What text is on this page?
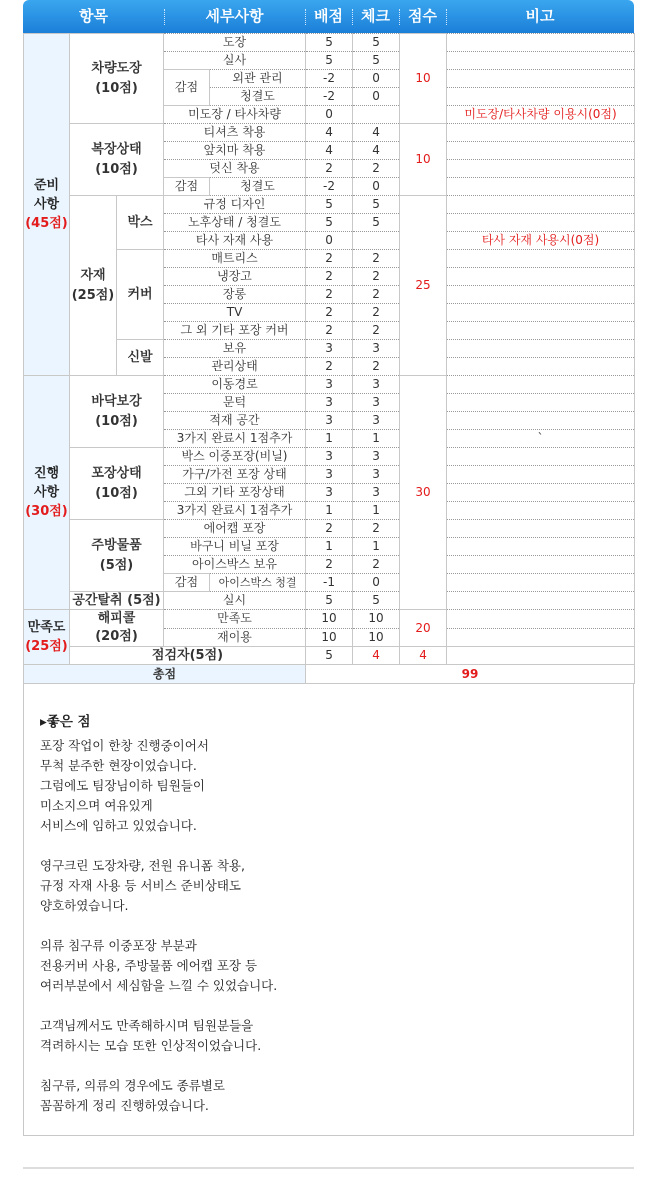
항목	세부사항	배점	체크	점수	비고
준비
사항
(45점)	차량도장
(10점)		도장		5	5	10	
			실사		5	5		
			감점	외관 관리	-2	0		
				청결도	-2	0		
			미도장 / 타사차량		0			미도장/타사차량 이용시(0점)
	복장상태
(10점)		티셔츠 착용		4	4	10	
			앞치마 착용		4	4		
			덧신 착용		2	2		
			감점	청결도	-2	0		
	자재
(25점)	박스	규정 디자인		5	5	25	
			노후상태 / 청결도		5	5		
			타사 자재 사용		0			타사 자재 사용시(0점)
		커버	매트리스		2	2		
			냉장고		2	2		
			장롱		2	2		
			TV		2	2		
			그 외 기타 포장 커버		2	2		
		신발	보유		3	3		
			관리상태		2	2		
진행
사항
(30점)	바닥보강
(10점)		이동경로		3	3	30	
			문턱		3	3		
			적재 공간		3	3		
			3가지 완료시 1점추가		1	1		`
	포장상태
(10점)		박스 이중포장(비닐)		3	3		
			가구/가전 포장 상태		3	3		
			그외 기타 포장상태		3	3		
			3가지 완료시 1점추가		1	1		
	주방물품
(5점)		에어캡 포장		2	2		
			바구니 비닐 포장		1	1		
			아이스박스 보유		2	2		
			감점	아이스박스 청결	-1	0		
	공간탈취 (5점)		실시		5	5		
만족도
(25점)	해피콜
(20점)		만족도		10	10	20	
			재이용		10	10		
	점검자(5점)				5	4	4	
총점					99			
▸좋은 점

포장 작업이 한창 진행중이어서
무척 분주한 현장이었습니다.
그럼에도 팀장님이하 팀원들이
미소지으며 여유있게
서비스에 임하고 있었습니다.

영구크린 도장차량, 전원 유니폼 착용,
규정 자재 사용 등 서비스 준비상태도
양호하였습니다.

의류 침구류 이중포장 부분과
전용커버 사용, 주방물품 에어캡 포장 등
여러부분에서 세심함을 느낄 수 있었습니다.

고객님께서도 만족해하시며 팀원분들을
격려하시는 모습 또한 인상적이었습니다.

침구류, 의류의 경우에도 종류별로
꼼꼼하게 정리 진행하였습니다.
